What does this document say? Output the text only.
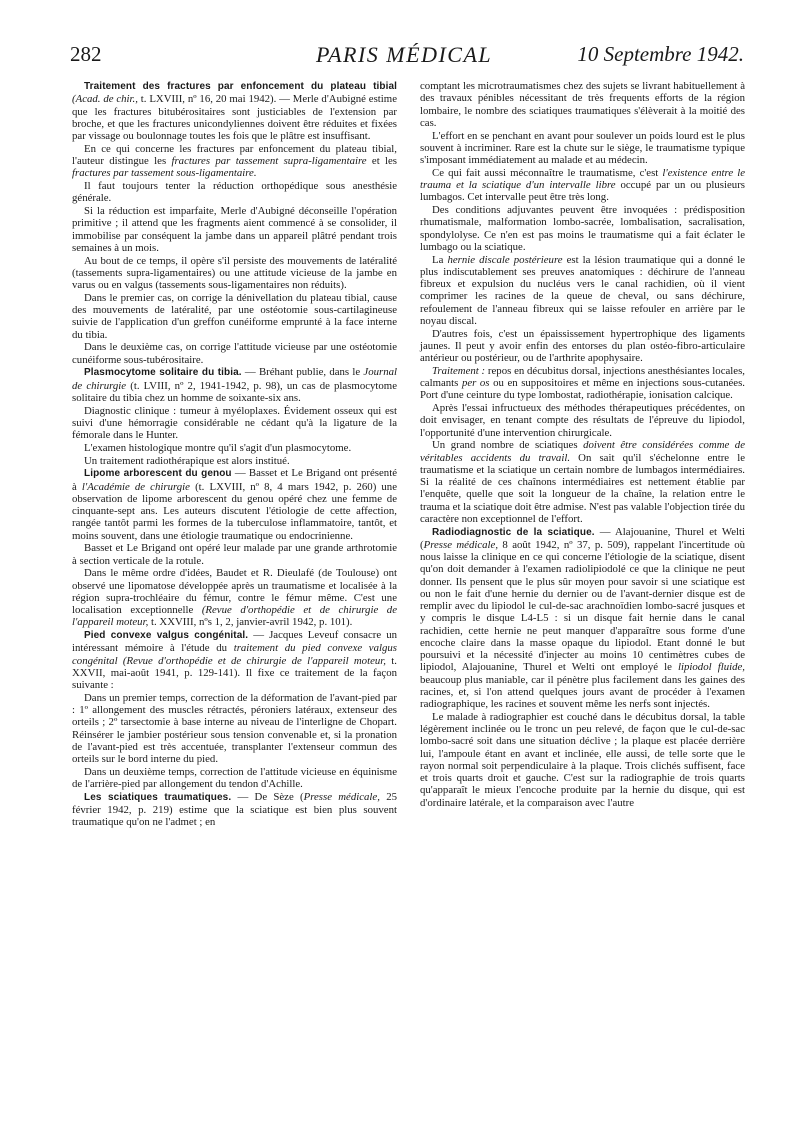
282	PARIS MÉDICAL	10 Septembre 1942.

Traitement des fractures par enfoncement du plateau tibial (Acad. de chir., t. LXVIII, nº 16, 20 mai 1942). — Merle d'Aubigné estime que les fractures bitubérositaires sont justiciables de l'extension par broche, et que les fractures unicondyliennes doivent être réduites et fixées par vissage ou boulonnage toutes les fois que le plâtre est insuffisant.

En ce qui concerne les fractures par enfoncement du plateau tibial, l'auteur distingue les fractures par tassement supra-ligamentaire et les fractures par tassement sous-ligamentaire.

Il faut toujours tenter la réduction orthopédique sous anesthésie générale.

Si la réduction est imparfaite, Merle d'Aubigné déconseille l'opération primitive ; il attend que les fragments aient commencé à se consolider, il immobilise par conséquent la jambe dans un appareil plâtré pendant trois semaines à un mois.

Au bout de ce temps, il opère s'il persiste des mouvements de latéralité (tassements supra-ligamentaires) ou une attitude vicieuse de la jambe en varus ou en valgus (tassements sous-ligamentaires non réduits).

Dans le premier cas, on corrige la dénivellation du plateau tibial, cause des mouvements de latéralité, par une ostéotomie sous-cartilagineuse suivie de l'application d'un greffon cunéiforme emprunté à la face interne du tibia.

Dans le deuxième cas, on corrige l'attitude vicieuse par une ostéotomie cunéiforme sous-tubérositaire.

Plasmocytome solitaire du tibia. — Bréhant publie, dans le Journal de chirurgie (t. LVIII, nº 2, 1941-1942, p. 98), un cas de plasmocytome solitaire du tibia chez un homme de soixante-six ans.

Diagnostic clinique : tumeur à myéloplaxes. Évidement osseux qui est suivi d'une hémorragie considérable ne cédant qu'à la ligature de la fémorale dans le Hunter.

L'examen histologique montre qu'il s'agit d'un plasmocytome.

Un traitement radiothérapique est alors institué.

Lipome arborescent du genou — Basset et Le Brigand ont présenté à l'Académie de chirurgie (t. LXVIII, nº 8, 4 mars 1942, p. 260) une observation de lipome arborescent du genou opéré chez une femme de cinquante-sept ans. Les auteurs discutent l'étiologie de cette affection, rangée tantôt parmi les formes de la tuberculose inflammatoire, tantôt, et moins souvent, dans une étiologie traumatique ou endocrinienne.

Basset et Le Brigand ont opéré leur malade par une grande arthrotomie à section verticale de la rotule.

Dans le même ordre d'idées, Baudet et R. Dieulafé (de Toulouse) ont observé une lipomatose développée après un traumatisme et localisée à la région suprа-trochléaire du fémur, contre le fémur même. C'est une localisation exceptionnelle (Revue d'orthopédie et de chirurgie de l'appareil moteur, t. XXVIII, nºs 1, 2, janvier-avril 1942, p. 101).

Pied convexe valgus congénital. — Jacques Leveuf consacre un intéressant mémoire à l'étude du traitement du pied convexe valgus congénital (Revue d'orthopédie et de chirurgie de l'appareil moteur, t. XXVII, mai-août 1941, p. 129-141). Il fixe ce traitement de la façon suivante :

Dans un premier temps, correction de la déformation de l'avant-pied par : 1º allongement des muscles rétractés, péroniers latéraux, extenseur des orteils ; 2º tarsectomie à base interne au niveau de l'interligne de Chopart. Réinsérer le jambier postérieur sous tension convenable et, si la pronation de l'avant-pied est très accentuée, transplanter l'extenseur commun des orteils sur le bord interne du pied.

Dans un deuxième temps, correction de l'attitude vicieuse en équinisme de l'arrière-pied par allongement du tendon d'Achille.

Les sciatiques traumatiques. — De Sèze (Presse médicale, 25 février 1942, p. 219) estime que la sciatique est bien plus souvent traumatique qu'on ne l'admet ; en

comptant les microtraumatismes chez des sujets se livrant habituellement à des travaux pénibles nécessitant de très frequents efforts de la région lombaire, le nombre des sciatiques traumatiques s'élèverait à la moitié des cas.

L'effort en se penchant en avant pour soulever un poids lourd est le plus souvent à incriminer. Rare est la chute sur le siège, le traumatisme typique s'imposant immédiatement au malade et au médecin.

Ce qui fait aussi méconnaître le traumatisme, c'est l'existence entre le trauma et la sciatique d'un intervalle libre occupé par un ou plusieurs lumbagos. Cet intervalle peut être très long.

Des conditions adjuvantes peuvent être invoquées : prédisposition rhumatismale, malformation lombo-sacrée, lombalisation, sacralisation, spondylolyse. Ce n'en est pas moins le traumatisme qui a fait éclater le lumbago ou la sciatique.

La hernie discale postérieure est la lésion traumatique qui a donné le plus indiscutablement ses preuves anatomiques : déchirure de l'anneau fibreux et expulsion du nucléus vers le canal rachidien, où il vient comprimer les racines de la queue de cheval, ou sans déchirure, refoulement de l'anneau fibreux qui se laisse refouler en arrière par le noyau discal.

D'autres fois, c'est un épaississement hypertrophique des ligaments jaunes. Il peut y avoir enfin des entorses du plan ostéo-fibro-articulaire antérieur ou postérieur, ou de l'arthrite apophysaire.

Traitement : repos en décubitus dorsal, injections anesthésiantes locales, calmants per os ou en suppositoires et même en injections sous-cutanées. Port d'une ceinture du type lombostat, radiothérapie, ionisation calcique.

Après l'essai infructueux des méthodes thérapeutiques précédentes, on doit envisager, en tenant compte des résultats de l'épreuve du lipiodol, l'opportunité d'une intervention chirurgicale.

Un grand nombre de sciatiques doivent être considérées comme de véritables accidents du travail. On sait qu'il s'échelonne entre le traumatisme et la sciatique un certain nombre de lumbagos intermédiaires. Si la réalité de ces chaînons intermédiaires est nettement établie par l'enquête, quelle que soit la longueur de la chaîne, la relation entre le trauma et la sciatique doit être admise. N'est pas valable l'objection tirée du caractère non exceptionnel de l'effort.

Radiodiagnostic de la sciatique. — Alajouanine, Thurel et Welti (Presse médicale, 8 août 1942, nº 37, p. 509), rappelant l'incertitude où nous laisse la clinique en ce qui concerne l'étiologie de la sciatique, disent qu'on doit demander à l'examen radiolipiodolé ce que la clinique ne peut donner. Ils pensent que le plus sûr moyen pour savoir si une sciatique est ou non le fait d'une hernie du dernier ou de l'avant-dernier disque est de remplir avec du lipiodol le cul-de-sac arachnoïdien lombo-sacré jusques et y compris le disque L4-L5 : si un disque fait hernie dans le canal rachidien, cette hernie ne peut manquer d'apparaître sous forme d'une encoche claire dans la masse opaque du lipiodol. Etant donné le but poursuivi et la nécessité d'injecter au moins 10 centimètres cubes de lipiodol, Alajouanine, Thurel et Welti ont employé le lipiodol fluide, beaucoup plus maniable, car il pénètre plus facilement dans les gaines des racines, et, si l'on attend quelques jours avant de procéder à l'examen radiographique, les racines et souvent même les nerfs sont injectés.

Le malade à radiographier est couché dans le décubitus dorsal, la table légèrement inclinée ou le tronc un peu relevé, de façon que le cul-de-sac lombo-sacré soit dans une situation déclive ; la plaque est placée derrière lui, l'ampoule étant en avant et inclinée, elle aussi, de telle sorte que le rayon normal soit perpendiculaire à la plaque. Trois clichés suffisent, face et trois quarts droit et gauche. C'est sur la radiographie de trois quarts qu'apparaît le mieux l'encoche produite par la hernie du disque, qui est d'ordinaire latérale, et la comparaison avec l'autre
